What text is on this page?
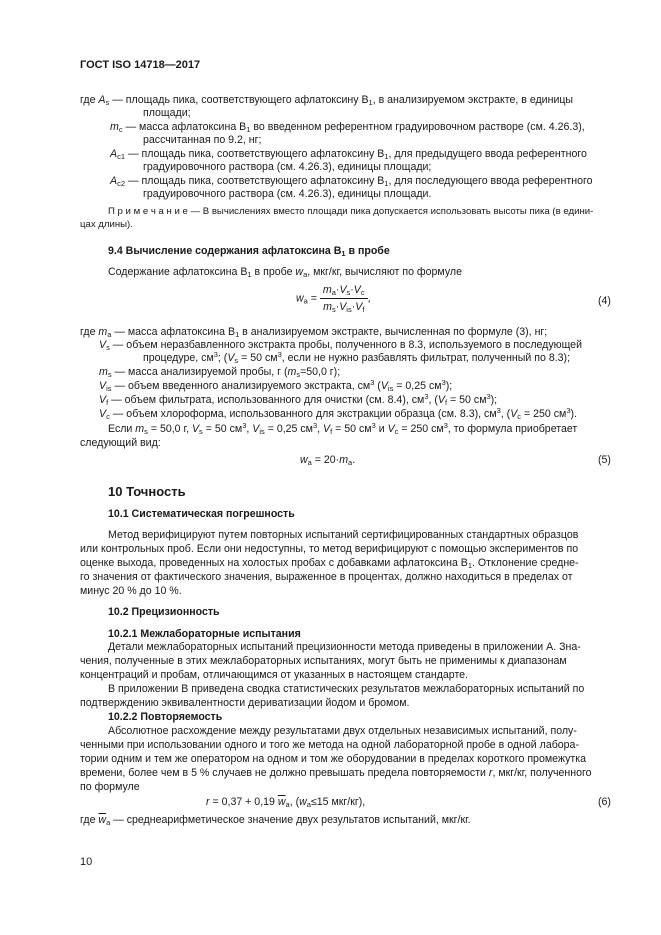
ГОСТ ISO 14718—2017
где $A_s$ — площадь пика, соответствующего афлатоксину $B_1$, в анализируемом экстракте, в единицы
площади;
$m_c$ — масса афлатоксина $B_1$ во введенном референтном градуировочном растворе (см. 4.26.3),
рассчитанная по 9.2, нг;
$A_{c1}$ — площадь пика, соответствующего афлатоксину $B_1$, для предыдущего ввода референтного
градуировочного раствора (см. 4.26.3), единицы площади;
$A_{c2}$ — площадь пика, соответствующего афлатоксину $B_1$, для последующего ввода референтного
градуировочного раствора (см. 4.26.3), единицы площади.
П р и м е ч а н и е — В вычислениях вместо площади пика допускается использовать высоты пика (в едини-
цах длины).
9.4 Вычисление содержания афлатоксина $B_1$ в пробе
Содержание афлатоксина $B_1$ в пробе $w_a$, мкг/кг, вычисляют по формуле
$w_a = \frac{m_a\cdot V_s\cdot V_c}{m_s\cdot V_{is}\cdot V_f}$ ,	(4)
где $m_a$ — масса афлатоксина $B_1$ в анализируемом экстракте, вычисленная по формуле (3), нг;
$V_s$ — объем неразбавленного экстракта пробы, полученного в 8.3, используемого в последующей
процедуре, $см^3$; ($V_s = 50$ $см^3$, если не нужно разбавлять фильтрат, полученный по 8.3);
$m_s$ — масса анализируемой пробы, г ($m_s=50,0$ г);
$V_{is}$ — объем введенного анализируемого экстракта, $см^3$ ($V_{is} = 0,25$ $см^3$);
$V_f$ — объем фильтрата, использованного для очистки (см. 8.4), $см^3$, ($V_f = 50$ $см^3$);
$V_c$ — объем хлороформа, использованного для экстракции образца (см. 8.3), $см^3$, ($V_c = 250$ $см^3$).
Если $m_s = 50,0$ г, $V_s = 50$ $см^3$, $V_{is} = 0,25$ $см^3$, $V_f = 50$ $см^3$ и $V_c = 250$ $см^3$, то формула приобретает
следующий вид:
$w_a = 20\cdot m_a$.	(5)
10 Точность
10.1 Систематическая погрешность
Метод верифицируют путем повторных испытаний сертифицированных стандартных образцов
или контрольных проб. Если они недоступны, то метод верифицируют с помощью экспериментов по
оценке выхода, проведенных на холостых пробах с добавками афлатоксина $B_1$. Отклонение средне-
го значения от фактического значения, выраженное в процентах, должно находиться в пределах от
минус 20 % до 10 %.
10.2 Прецизионность
10.2.1 Межлабораторные испытания
Детали межлабораторных испытаний прецизионности метода приведены в приложении А. Зна-
чения, полученные в этих межлабораторных испытаниях, могут быть не применимы к диапазонам
концентраций и пробам, отличающимся от указанных в настоящем стандарте.
В приложении B приведена сводка статистических результатов межлабораторных испытаний по
подтверждению эквивалентности дериватизации йодом и бромом.
10.2.2 Повторяемость
Абсолютное расхождение между результатами двух отдельных независимых испытаний, полу-
ченными при использовании одного и того же метода на одной лабораторной пробе в одной лабора-
тории одним и тем же оператором на одном и том же оборудовании в пределах короткого промежутка
времени, более чем в 5 % случаев не должно превышать предела повторяемости r, мкг/кг, полученного
по формуле
r = 0,37 + 0,19 $\overline{w}_a$, ($w_a\le 15$ мкг/кг),	(6)
где $\overline{w}_a$ — среднеарифметическое значение двух результатов испытаний, мкг/кг.
10
